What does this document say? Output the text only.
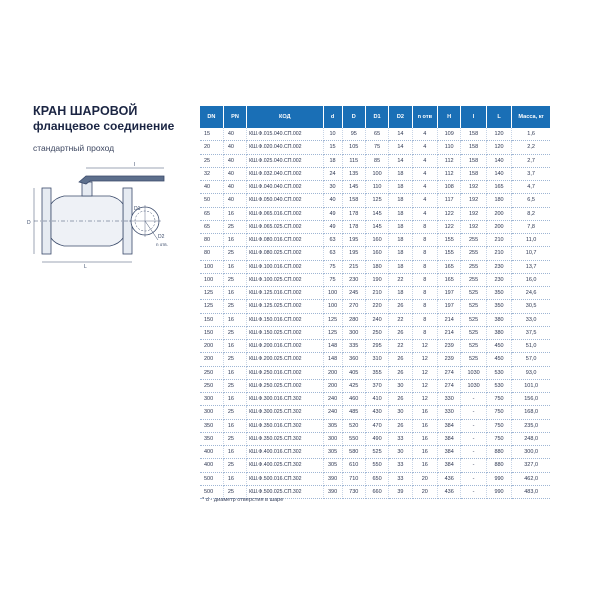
КРАН ШАРОВОЙ
фланцевое соединение
стандартный проход
I
D
D1
D2
n отв.
L
DN	PN	КОД	d	D	D1	D2	n отв	H	I	L	Масса, кг
15	40	КШ.Ф.015.040.СП.002	10	95	65	14	4	109	158	120	1,6
20	40	КШ.Ф.020.040.СП.002	15	105	75	14	4	110	158	120	2,2
25	40	КШ.Ф.025.040.СП.002	18	115	85	14	4	112	158	140	2,7
32	40	КШ.Ф.032.040.СП.002	24	135	100	18	4	112	158	140	3,7
40	40	КШ.Ф.040.040.СП.002	30	145	110	18	4	108	192	165	4,7
50	40	КШ.Ф.050.040.СП.002	40	158	125	18	4	117	192	180	6,5
65	16	КШ.Ф.065.016.СП.002	49	178	145	18	4	122	192	200	8,2
65	25	КШ.Ф.065.025.СП.002	49	178	145	18	8	122	192	200	7,8
80	16	КШ.Ф.080.016.СП.002	63	195	160	18	8	155	255	210	11,0
80	25	КШ.Ф.080.025.СП.002	63	195	160	18	8	155	255	210	10,7
100	16	КШ.Ф.100.016.СП.002	75	215	180	18	8	165	255	230	13,7
100	25	КШ.Ф.100.025.СП.002	75	230	190	22	8	165	255	230	16,0
125	16	КШ.Ф.125.016.СП.002	100	245	210	18	8	197	525	350	24,6
125	25	КШ.Ф.125.025.СП.002	100	270	220	26	8	197	525	350	30,5
150	16	КШ.Ф.150.016.СП.002	125	280	240	22	8	214	525	380	33,0
150	25	КШ.Ф.150.025.СП.002	125	300	250	26	8	214	525	380	37,5
200	16	КШ.Ф.200.016.СП.002	148	335	295	22	12	239	525	450	51,0
200	25	КШ.Ф.200.025.СП.002	148	360	310	26	12	239	525	450	57,0
250	16	КШ.Ф.250.016.СП.002	200	405	355	26	12	274	1030	530	93,0
250	25	КШ.Ф.250.025.СП.002	200	425	370	30	12	274	1030	530	101,0
300	16	КШ.Ф.300.016.СП.302	240	460	410	26	12	330	-	750	156,0
300	25	КШ.Ф.300.025.СП.302	240	485	430	30	16	330	-	750	168,0
350	16	КШ.Ф.350.016.СП.302	305	520	470	26	16	384	-	750	235,0
350	25	КШ.Ф.350.025.СП.302	300	550	490	33	16	384	-	750	248,0
400	16	КШ.Ф.400.016.СП.302	305	580	525	30	16	384	-	880	300,0
400	25	КШ.Ф.400.025.СП.302	305	610	550	33	16	384	-	880	327,0
500	16	КШ.Ф.500.016.СП.302	390	710	650	33	20	436	-	990	462,0
500	25	КШ.Ф.500.025.СП.302	390	730	660	39	20	436	-	990	483,0
* d - диаметр отверстия в шаре
